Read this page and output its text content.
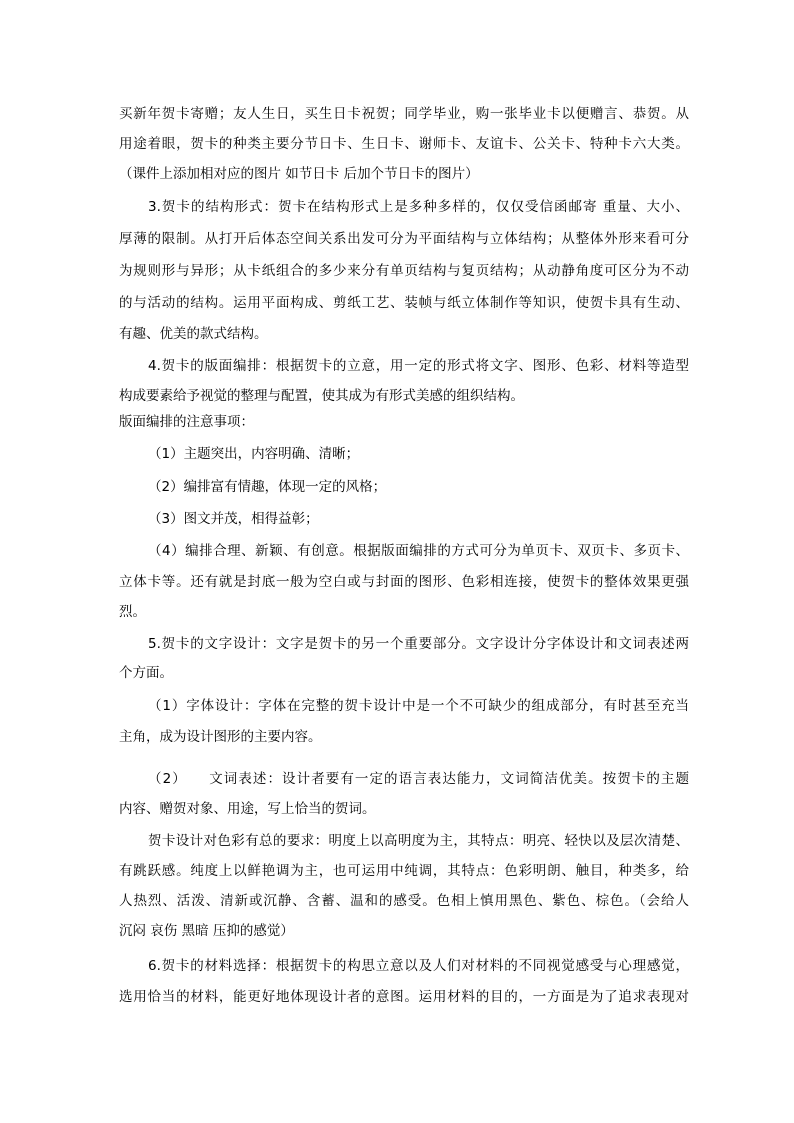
买新年贺卡寄赠；友人生日，买生日卡祝贺；同学毕业，购一张毕业卡以便赠言、恭贺。从
用途着眼，贺卡的种类主要分节日卡、生日卡、谢师卡、友谊卡、公关卡、特种卡六大类。
（课件上添加相对应的图片 如节日卡 后加个节日卡的图片）
3.贺卡的结构形式：贺卡在结构形式上是多种多样的，仅仅受信函邮寄 重量、大小、
厚薄的限制。从打开后体态空间关系出发可分为平面结构与立体结构；从整体外形来看可分
为规则形与异形；从卡纸组合的多少来分有单页结构与复页结构；从动静角度可区分为不动
的与活动的结构。运用平面构成、剪纸工艺、装帧与纸立体制作等知识，使贺卡具有生动、
有趣、优美的款式结构。
4.贺卡的版面编排：根据贺卡的立意，用一定的形式将文字、图形、色彩、材料等造型
构成要素给予视觉的整理与配置，使其成为有形式美感的组织结构。
版面编排的注意事项：
（1）主题突出，内容明确、清晰；
（2）编排富有情趣，体现一定的风格；
（3）图文并茂，相得益彰；
（4）编排合理、新颖、有创意。根据版面编排的方式可分为单页卡、双页卡、多页卡、
立体卡等。还有就是封底一般为空白或与封面的图形、色彩相连接，使贺卡的整体效果更强
烈。
5.贺卡的文字设计：文字是贺卡的另一个重要部分。文字设计分字体设计和文词表述两
个方面。
（1）字体设计：字体在完整的贺卡设计中是一个不可缺少的组成部分，有时甚至充当
主角，成为设计图形的主要内容。
（2）　　文词表述：设计者要有一定的语言表达能力，文词简洁优美。按贺卡的主题
内容、赠贺对象、用途，写上恰当的贺词。
贺卡设计对色彩有总的要求：明度上以高明度为主，其特点：明亮、轻快以及层次清楚、
有跳跃感。纯度上以鲜艳调为主，也可运用中纯调，其特点：色彩明朗、触目，种类多，给
人热烈、活泼、清新或沉静、含蓄、温和的感受。色相上慎用黑色、紫色、棕色。（会给人
沉闷 哀伤 黑暗 压抑的感觉）
6.贺卡的材料选择：根据贺卡的构思立意以及人们对材料的不同视觉感受与心理感觉，
选用恰当的材料，能更好地体现设计者的意图。运用材料的目的，一方面是为了追求表现对
